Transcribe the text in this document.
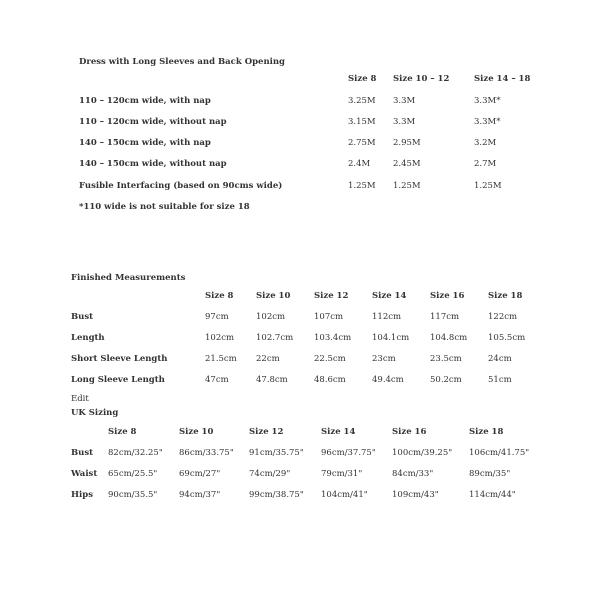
Dress with Long Sleeves and Back Opening
Size 8 Size 10 – 12	Size 14 – 18
110 – 120cm wide, with nap	3.25M 3.3M	3.3M*
110 – 120cm wide, without nap	3.15M 3.3M	3.3M*
140 – 150cm wide, with nap	2.75M 2.95M	3.2M
140 – 150cm wide, without nap	2.4M	2.45M	2.7M
Fusible Interfacing (based on 90cms wide)	1.25M 1.25M	1.25M
*110 wide is not suitable for size 18
Finished Measurements
Size 8	Size 10	Size 12	Size 14	Size 16	Size 18
Bust	97cm	102cm	107cm	112cm	117cm	122cm
Length	102cm	102.7cm 103.4cm 104.1cm 104.8cm 105.5cm
Short Sleeve Length	21.5cm 22cm	22.5cm	23cm	23.5cm	24cm
Long Sleeve Length	47cm	47.8cm	48.6cm	49.4cm	50.2cm	51cm
Edit
UK Sizing
Size 8	Size 10	Size 12	Size 14	Size 16	Size 18
Bust 82cm/32.25" 86cm/33.75" 91cm/35.75" 96cm/37.75" 100cm/39.25" 106cm/41.75"
Waist 65cm/25.5"	69cm/27"	74cm/29"	79cm/31"	84cm/33"	89cm/35"
Hips 90cm/35.5"	94cm/37"	99cm/38.75" 104cm/41"	109cm/43"	114cm/44"
